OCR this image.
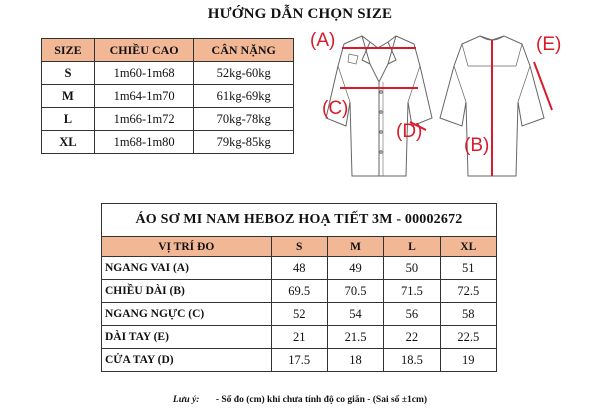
HƯỚNG DẪN CHỌN SIZE
SIZE	CHIỀU CAO	CÂN NẶNG
S	1m60-1m68	52kg-60kg
M	1m64-1m70	61kg-69kg
L	1m66-1m72	70kg-78kg
XL	1m68-1m80	79kg-85kg
(A)
(C)
(D)
(B)
(E)
ÁO SƠ MI NAM HEBOZ HOẠ TIẾT 3M - 00002672				
VỊ TRÍ ĐO	S	M	L	XL
NGANG VAI (A)	48	49	50	51
CHIỀU DÀI (B)	69.5	70.5	71.5	72.5
NGANG NGỰC (C)	52	54	56	58
DÀI TAY (E)	21	21.5	22	22.5
CỬA TAY (D)	17.5	18	18.5	19
Lưu ý: - Số đo (cm) khi chưa tính độ co giãn - (Sai số ±1cm)
